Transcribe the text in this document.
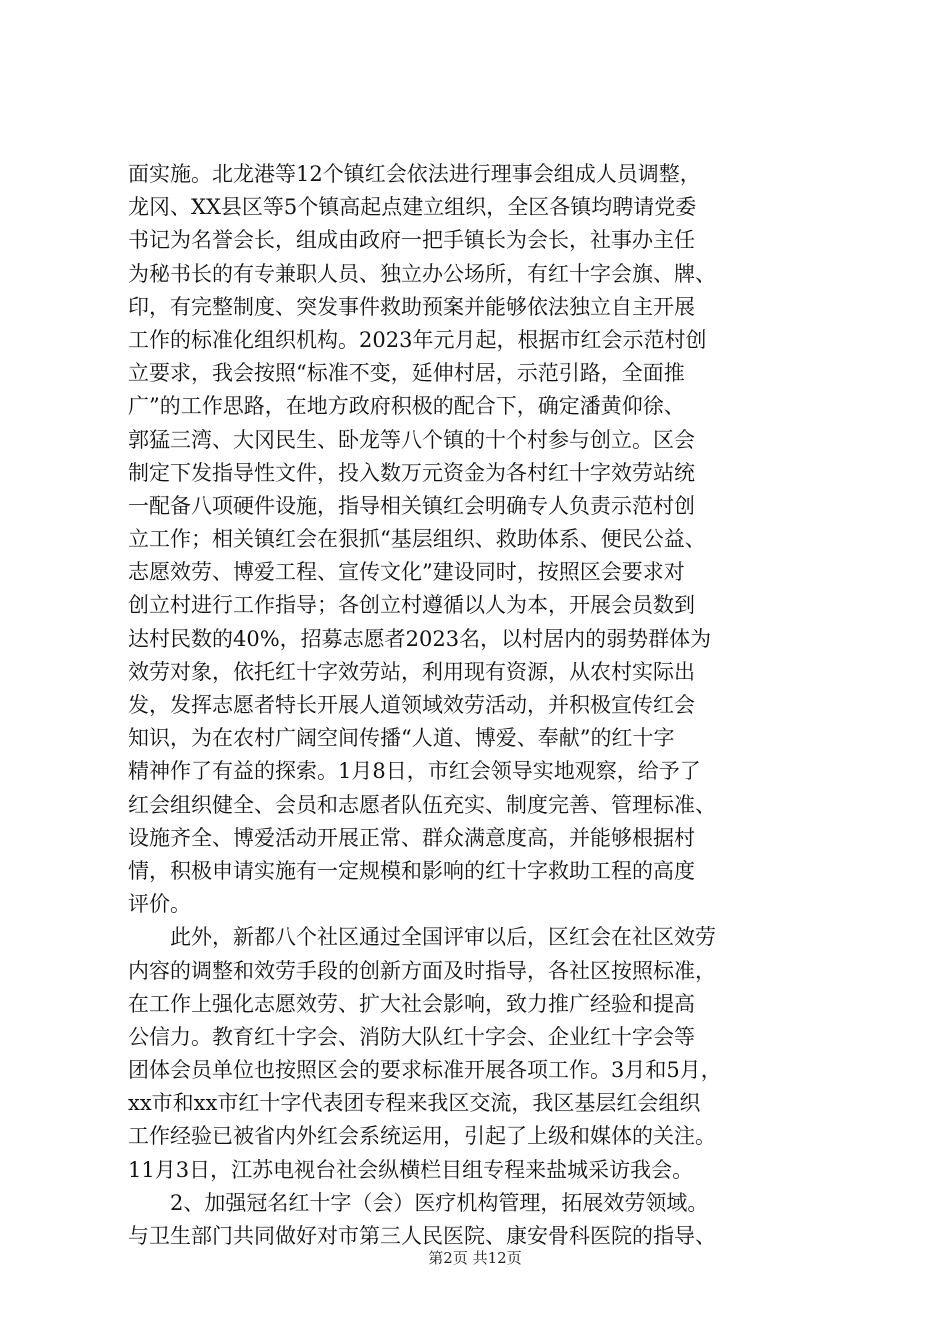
面实施。北龙港等12个镇红会依法进行理事会组成人员调整，
龙冈、XX县区等5个镇高起点建立组织，全区各镇均聘请党委
书记为名誉会长，组成由政府一把手镇长为会长，社事办主任
为秘书长的有专兼职人员、独立办公场所，有红十字会旗、牌、
印，有完整制度、突发事件救助预案并能够依法独立自主开展
工作的标准化组织机构。2023年元月起，根据市红会示范村创
立要求，我会按照“标准不变，延伸村居，示范引路，全面推
广”的工作思路，在地方政府积极的配合下，确定潘黄仰徐、
郭猛三湾、大冈民生、卧龙等八个镇的十个村参与创立。区会
制定下发指导性文件，投入数万元资金为各村红十字效劳站统
一配备八项硬件设施，指导相关镇红会明确专人负责示范村创
立工作；相关镇红会在狠抓“基层组织、救助体系、便民公益、
志愿效劳、博爱工程、宣传文化”建设同时，按照区会要求对
创立村进行工作指导；各创立村遵循以人为本，开展会员数到
达村民数的40%，招募志愿者2023名，以村居内的弱势群体为
效劳对象，依托红十字效劳站，利用现有资源，从农村实际出
发，发挥志愿者特长开展人道领域效劳活动，并积极宣传红会
知识，为在农村广阔空间传播“人道、博爱、奉献”的红十字
精神作了有益的探索。1月8日，市红会领导实地观察，给予了
红会组织健全、会员和志愿者队伍充实、制度完善、管理标准、
设施齐全、博爱活动开展正常、群众满意度高，并能够根据村
情，积极申请实施有一定规模和影响的红十字救助工程的高度
评价。
此外，新都八个社区通过全国评审以后，区红会在社区效劳
内容的调整和效劳手段的创新方面及时指导，各社区按照标准，
在工作上强化志愿效劳、扩大社会影响，致力推广经验和提高
公信力。教育红十字会、消防大队红十字会、企业红十字会等
团体会员单位也按照区会的要求标准开展各项工作。3月和5月，
xx市和xx市红十字代表团专程来我区交流，我区基层红会组织
工作经验已被省内外红会系统运用，引起了上级和媒体的关注。
11月3日，江苏电视台社会纵横栏目组专程来盐城采访我会。
2、加强冠名红十字（会）医疗机构管理，拓展效劳领域。
与卫生部门共同做好对市第三人民医院、康安骨科医院的指导、
第2页 共12页
